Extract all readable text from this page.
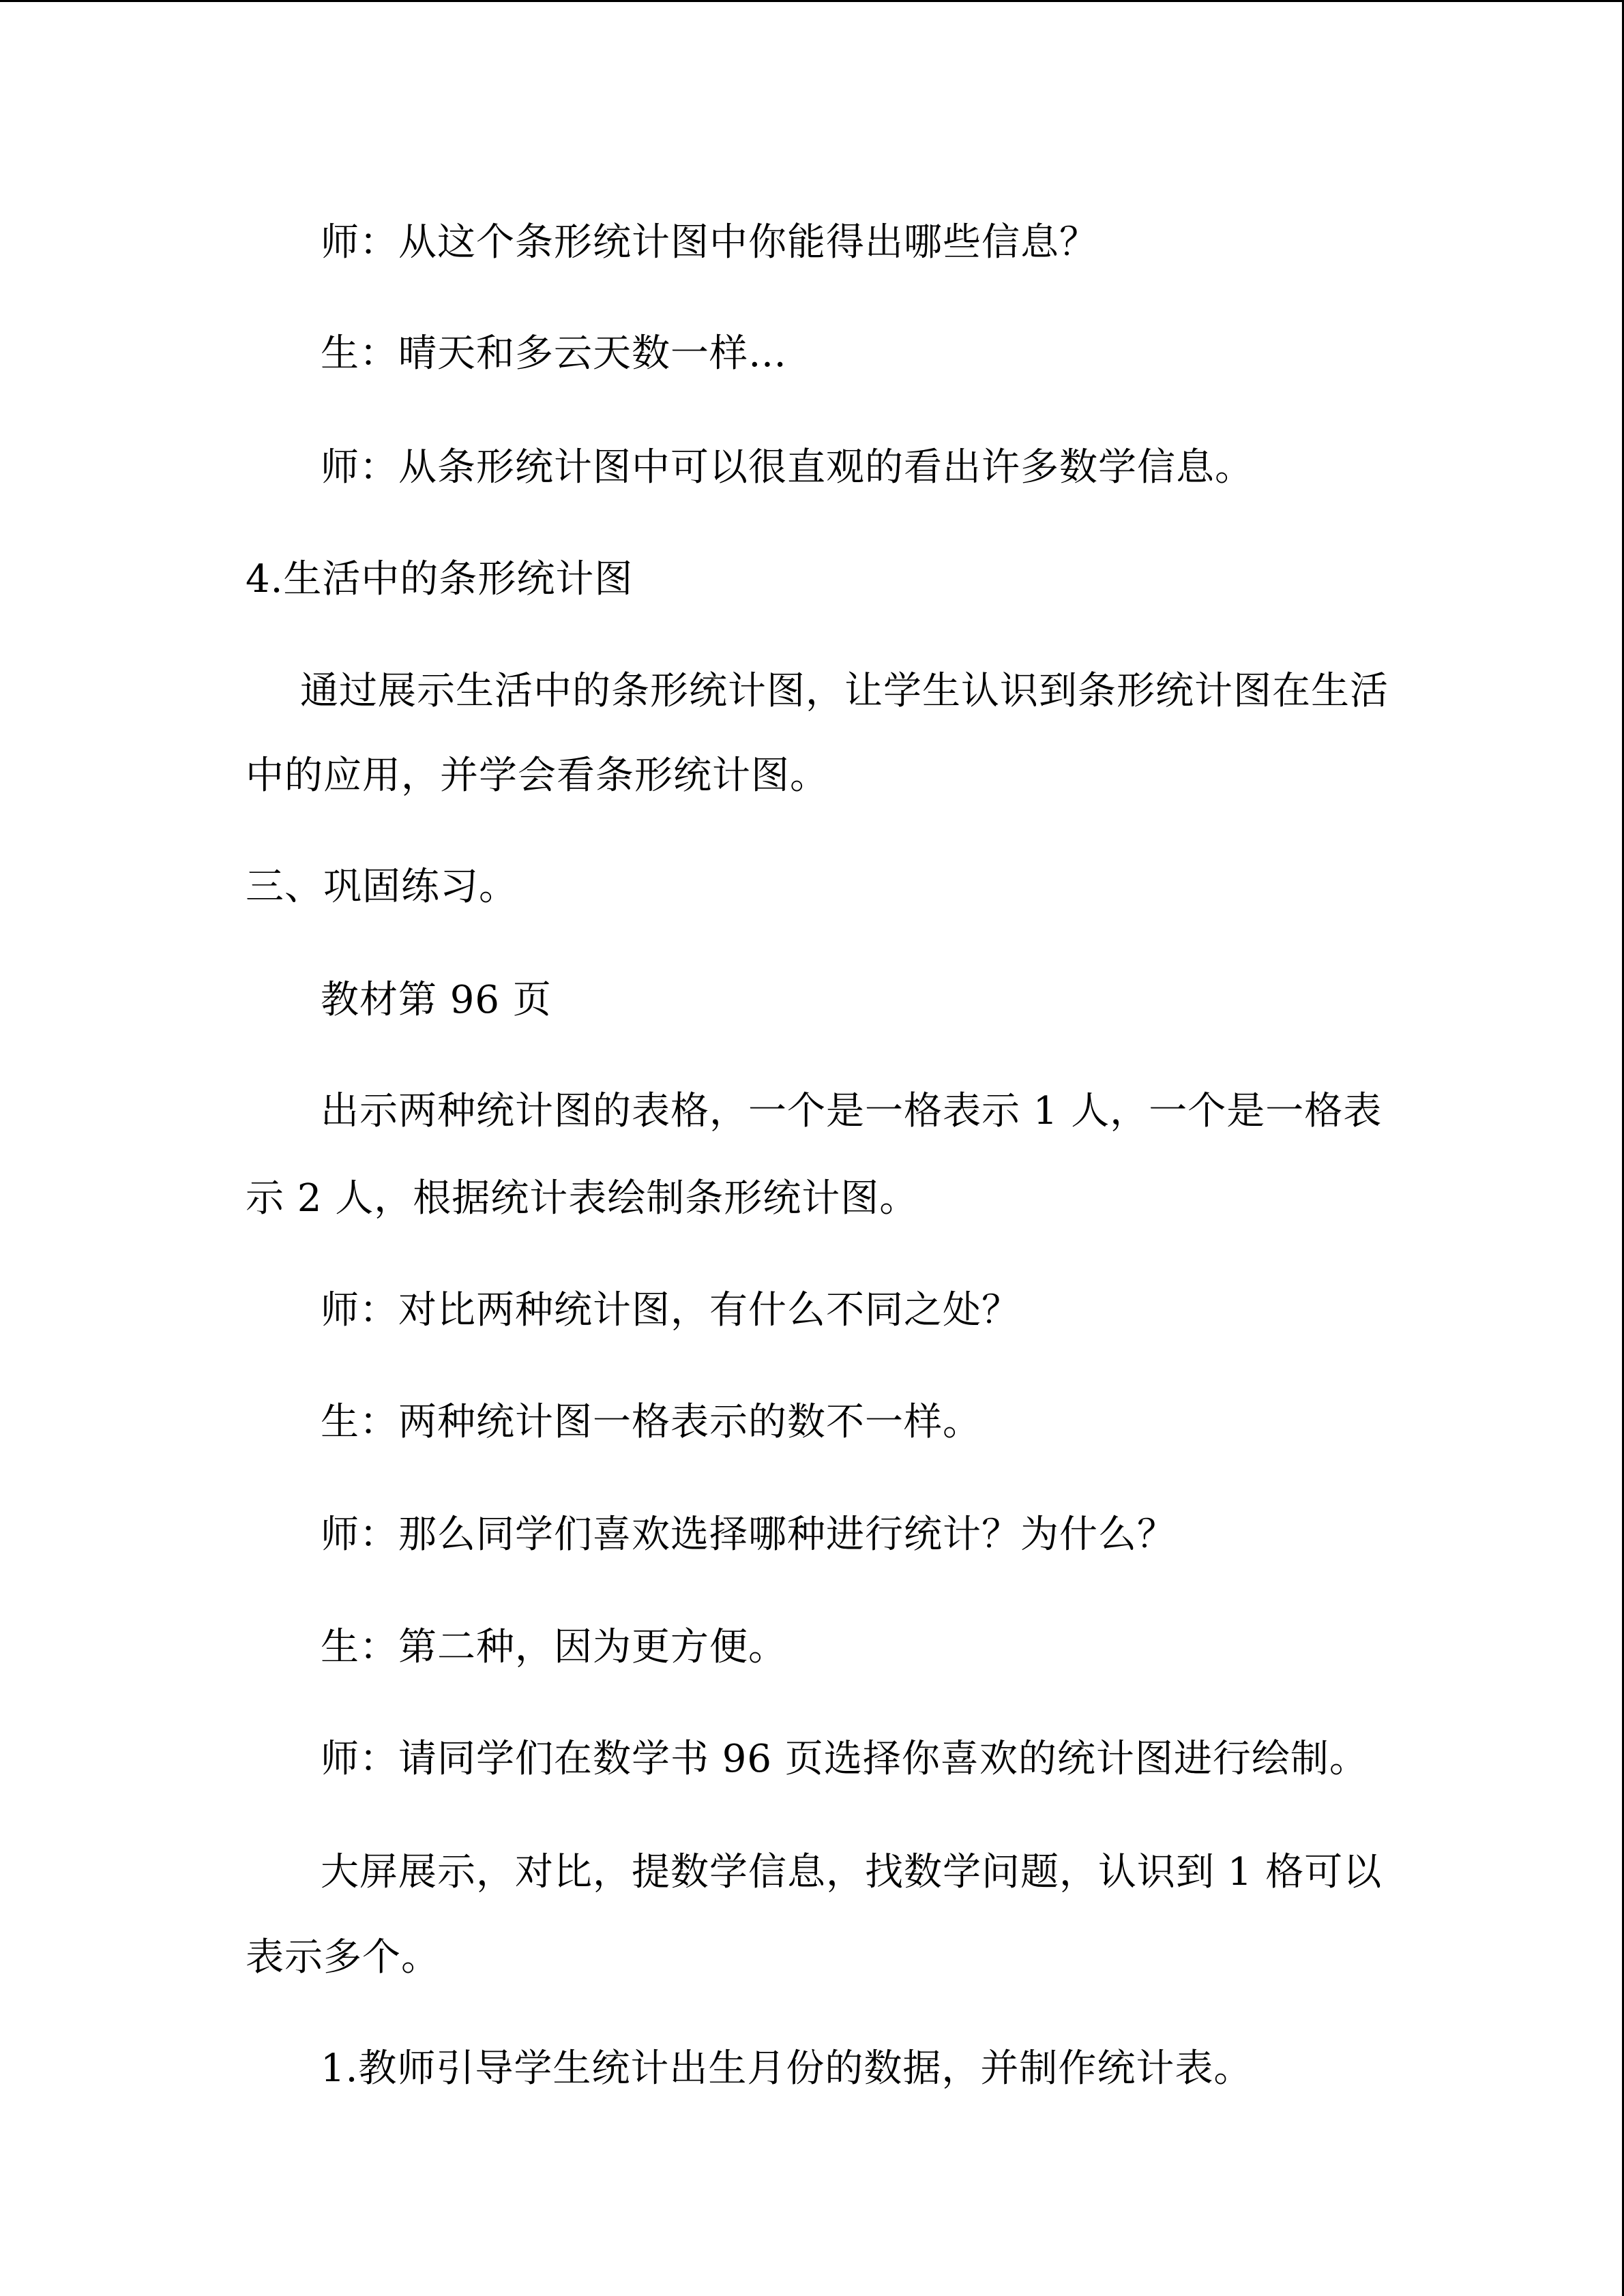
师：从这个条形统计图中你能得出哪些信息？
生：晴天和多云天数一样…
师：从条形统计图中可以很直观的看出许多数学信息。
4.生活中的条形统计图
通过展示生活中的条形统计图，让学生认识到条形统计图在生活
中的应用，并学会看条形统计图。
三、巩固练习。
教材第 96 页
出示两种统计图的表格，一个是一格表示 1 人，一个是一格表
示 2 人，根据统计表绘制条形统计图。
师：对比两种统计图，有什么不同之处？
生：两种统计图一格表示的数不一样。
师：那么同学们喜欢选择哪种进行统计？为什么？
生：第二种，因为更方便。
师：请同学们在数学书 96 页选择你喜欢的统计图进行绘制。
大屏展示，对比，提数学信息，找数学问题，认识到 1 格可以
表示多个。
1.教师引导学生统计出生月份的数据，并制作统计表。
